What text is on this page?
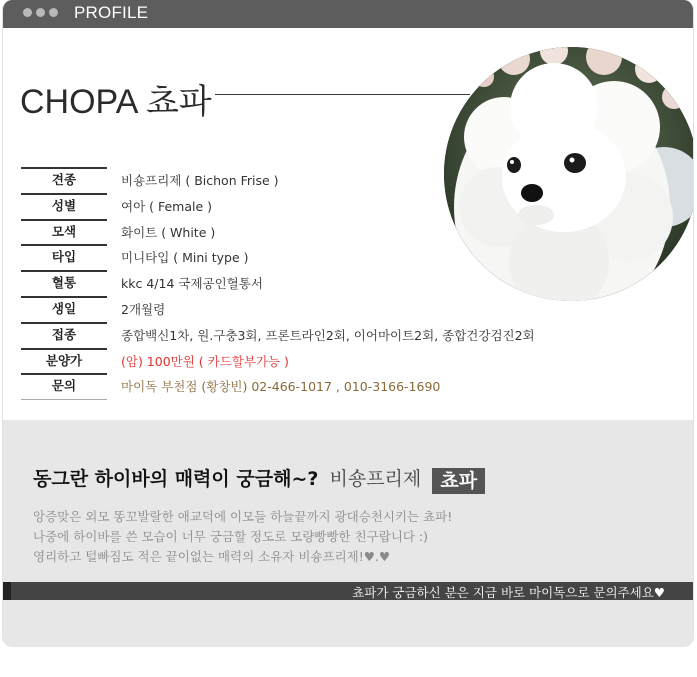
PROFILE
CHOPA 쵸파
견종	비숑프리제 ( Bichon Frise )
성별	여아 ( Female )
모색	화이트 ( White )
타입	미니타입 ( Mini type )
혈통	kkc 4/14 국제공인혈통서
생일	2개월령
접종	종합백신1차, 원.구충3회, 프론트라인2회, 이어마이트2회, 종합건강검진2회
분양가	(암) 100만원 ( 카드할부가능 )
문의	마이독 부천점 (황창빈) 02-466-1017 , 010-3166-1690
동그란 하이바의 매력이 궁금해~? 비숑프리제 쵸파
앙증맞은 외모 똥꼬발랄한 애교덕에 이모들 하늘끝까지 광대승천시키는 쵸파!
나중에 하이바를 쓴 모습이 너무 궁금할 정도로 모량빵빵한 친구랍니다 :)
영리하고 털빠짐도 적은 끝이없는 매력의 소유자 비숑프리제!♥.♥
쵸파가 궁금하신 분은 지금 바로 마이독으로 문의주세요♥
